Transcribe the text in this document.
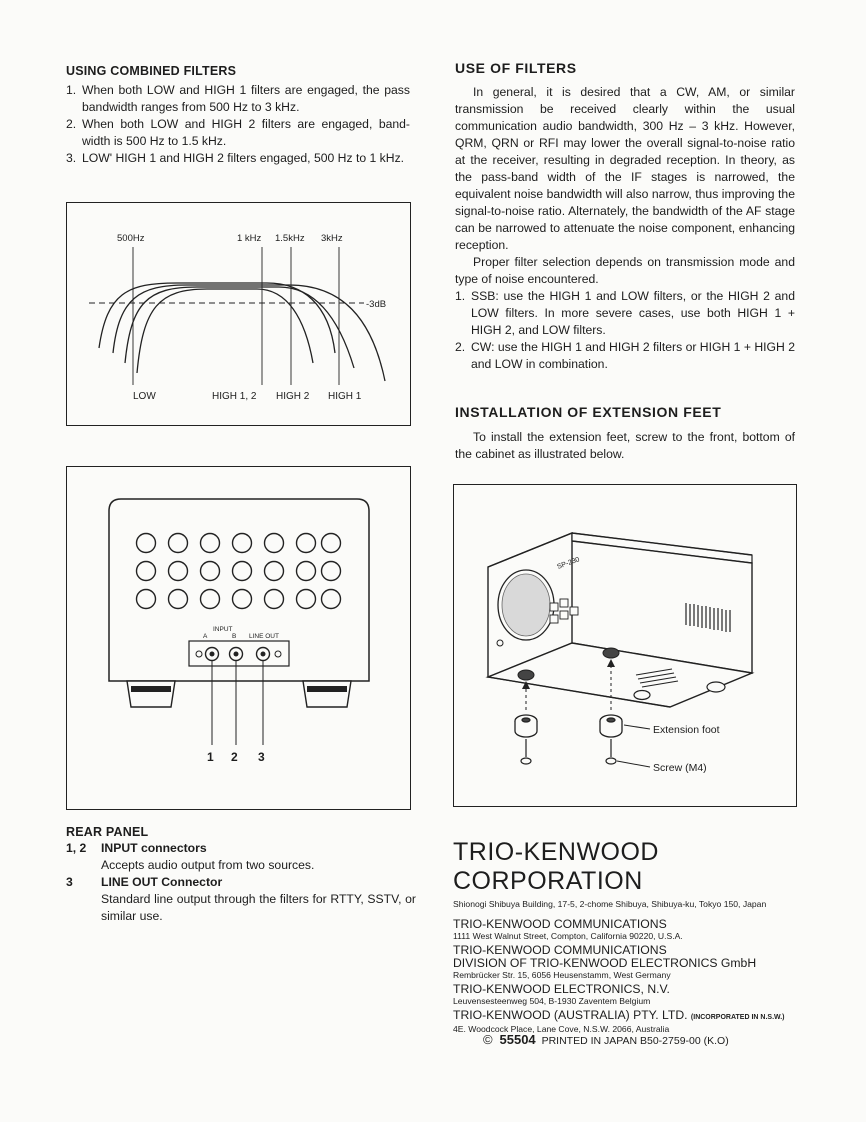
USING COMBINED FILTERS
1. When both LOW and HIGH 1 filters are engaged, the pass bandwidth ranges from 500 Hz to 3 kHz.
2. When both LOW and HIGH 2 filters are engaged, band-width is 500 Hz to 1.5 kHz.
3. LOW' HIGH 1 and HIGH 2 filters engaged, 500 Hz to 1 kHz.
500Hz	1 kHz 1.5kHz 3kHz
-3dB
LOW	HIGH 1, 2 HIGH 2 HIGH 1
INPUT
A	B LINE OUT
1 2 3
REAR PANEL
1, 2 INPUT connectors
Accepts audio output from two sources.
3 LINE OUT Connector
Standard line output through the filters for RTTY, SSTV, or similar use.
USE OF FILTERS

In general, it is desired that a CW, AM, or similar transmission be received clearly within the usual communication audio bandwidth, 300 Hz – 3 kHz. However, QRM, QRN or RFI may lower the overall signal-to-noise ratio at the receiver, resulting in degraded reception. In theory, as the pass-band width of the IF stages is narrowed, the equivalent noise bandwidth will also narrow, thus improving the signal-to-noise ratio. Alternately, the bandwidth of the AF stage can be narrowed to attenuate the noise component, enhancing reception.

Proper filter selection depends on transmission mode and type of noise encountered.

1. SSB: use the HIGH 1 and LOW filters, or the HIGH 2 and LOW filters. In more severe cases, use both HIGH 1 + HIGH 2, and LOW filters.
2. CW: use the HIGH 1 and HIGH 2 filters or HIGH 1 + HIGH 2 and LOW in combination.
INSTALLATION OF EXTENSION FEET

To install the extension feet, screw to the front, bottom of the cabinet as illustrated below.

SP-230
Extension foot
Screw (M4)
TRIO-KENWOOD CORPORATION
Shionogi Shibuya Building, 17-5, 2-chome Shibuya, Shibuya-ku, Tokyo 150, Japan
TRIO-KENWOOD COMMUNICATIONS
1111 West Walnut Street, Compton, California 90220, U.S.A.
TRIO-KENWOOD COMMUNICATIONS
DIVISION OF TRIO-KENWOOD ELECTRONICS GmbH
Rembrücker Str. 15, 6056 Heusenstamm, West Germany
TRIO-KENWOOD ELECTRONICS, N.V.
Leuvensesteenweg 504, B-1930 Zaventem Belgium
TRIO-KENWOOD (AUSTRALIA) PTY. LTD. (INCORPORATED IN N.S.W.)
4E. Woodcock Place, Lane Cove, N.S.W. 2066, Australia
© 55504 PRINTED IN JAPAN B50-2759-00 (K.O)
